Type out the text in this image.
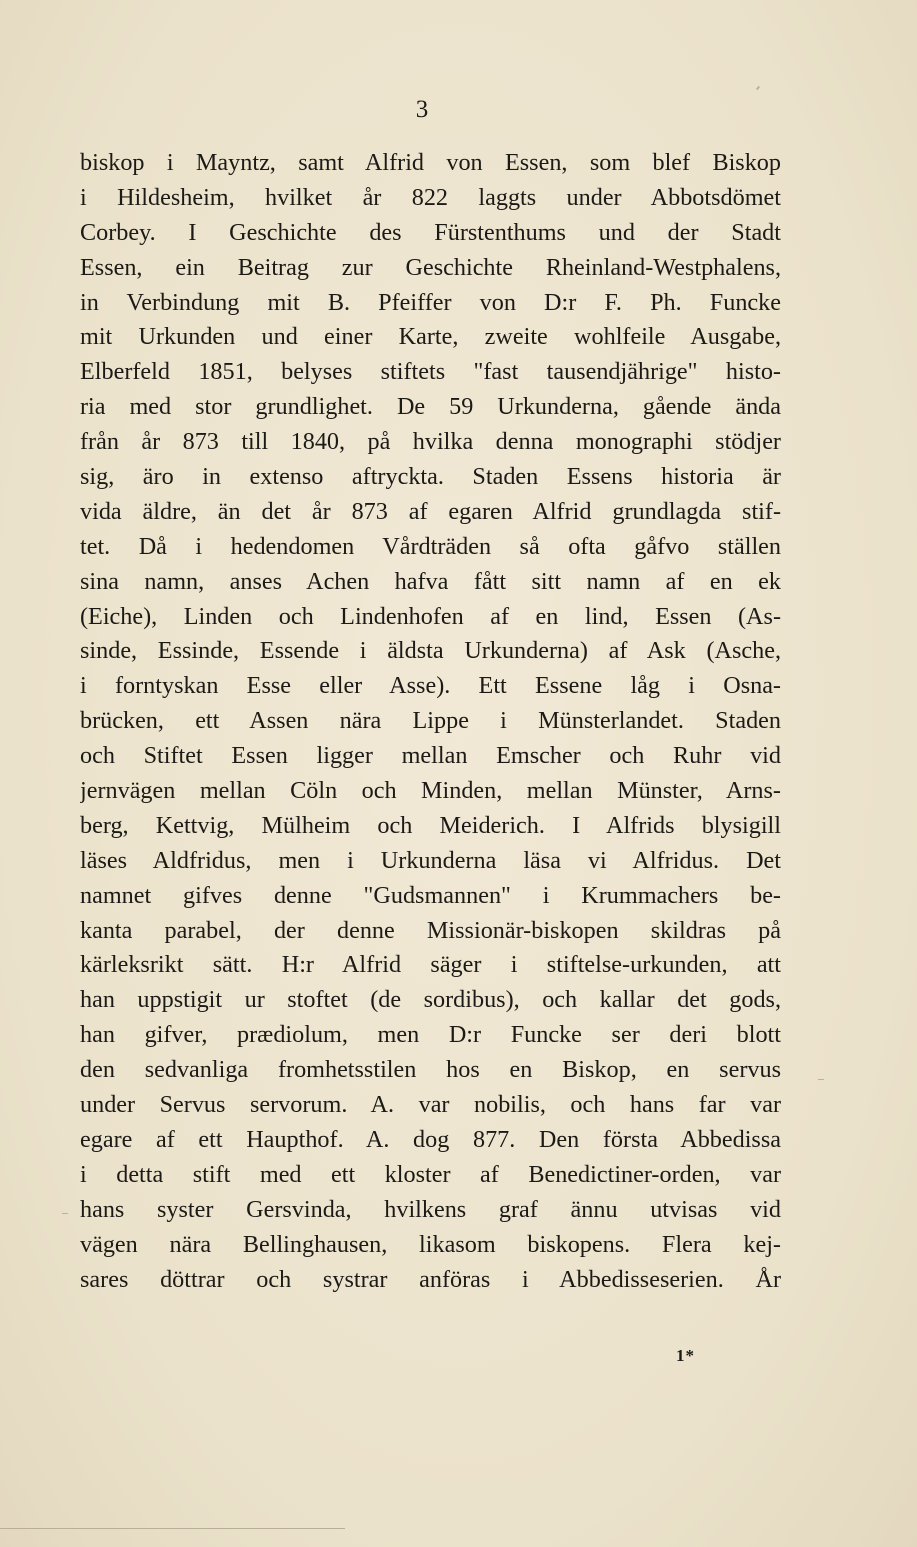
3
biskop i Mayntz, samt Alfrid von Essen, som blef Biskop
i Hildesheim, hvilket år 822 laggts under Abbotsdömet
Corbey. I Geschichte des Fürstenthums und der Stadt
Essen, ein Beitrag zur Geschichte Rheinland-Westphalens,
in Verbindung mit B. Pfeiffer von D:r F. Ph. Funcke
mit Urkunden und einer Karte, zweite wohlfeile Ausgabe,
Elberfeld 1851, belyses stiftets "fast tausendjährige" histo-
ria med stor grundlighet. De 59 Urkunderna, gående ända
från år 873 till 1840, på hvilka denna monographi stödjer
sig, äro in extenso aftryckta. Staden Essens historia är
vida äldre, än det år 873 af egaren Alfrid grundlagda stif-
tet. Då i hedendomen Vårdträden så ofta gåfvo ställen
sina namn, anses Achen hafva fått sitt namn af en ek
(Eiche), Linden och Lindenhofen af en lind, Essen (As-
sinde, Essinde, Essende i äldsta Urkunderna) af Ask (Asche,
i forntyskan Esse eller Asse). Ett Essene låg i Osna-
brücken, ett Assen nära Lippe i Münsterlandet. Staden
och Stiftet Essen ligger mellan Emscher och Ruhr vid
jernvägen mellan Cöln och Minden, mellan Münster, Arns-
berg, Kettvig, Mülheim och Meiderich. I Alfrids blysigill
läses Aldfridus, men i Urkunderna läsa vi Alfridus. Det
namnet gifves denne "Gudsmannen" i Krummachers be-
kanta parabel, der denne Missionär-biskopen skildras på
kärleksrikt sätt. H:r Alfrid säger i stiftelse-urkunden, att
han uppstigit ur stoftet (de sordibus), och kallar det gods,
han gifver, prædiolum, men D:r Funcke ser deri blott
den sedvanliga fromhetsstilen hos en Biskop, en servus
under Servus servorum. A. var nobilis, och hans far var
egare af ett Haupthof. A. dog 877. Den första Abbedissa
i detta stift med ett kloster af Benedictiner-orden, var
hans syster Gersvinda, hvilkens graf ännu utvisas vid
vägen nära Bellinghausen, likasom biskopens. Flera kej-
sares döttrar och systrar anföras i Abbedisseserien. År
1*
